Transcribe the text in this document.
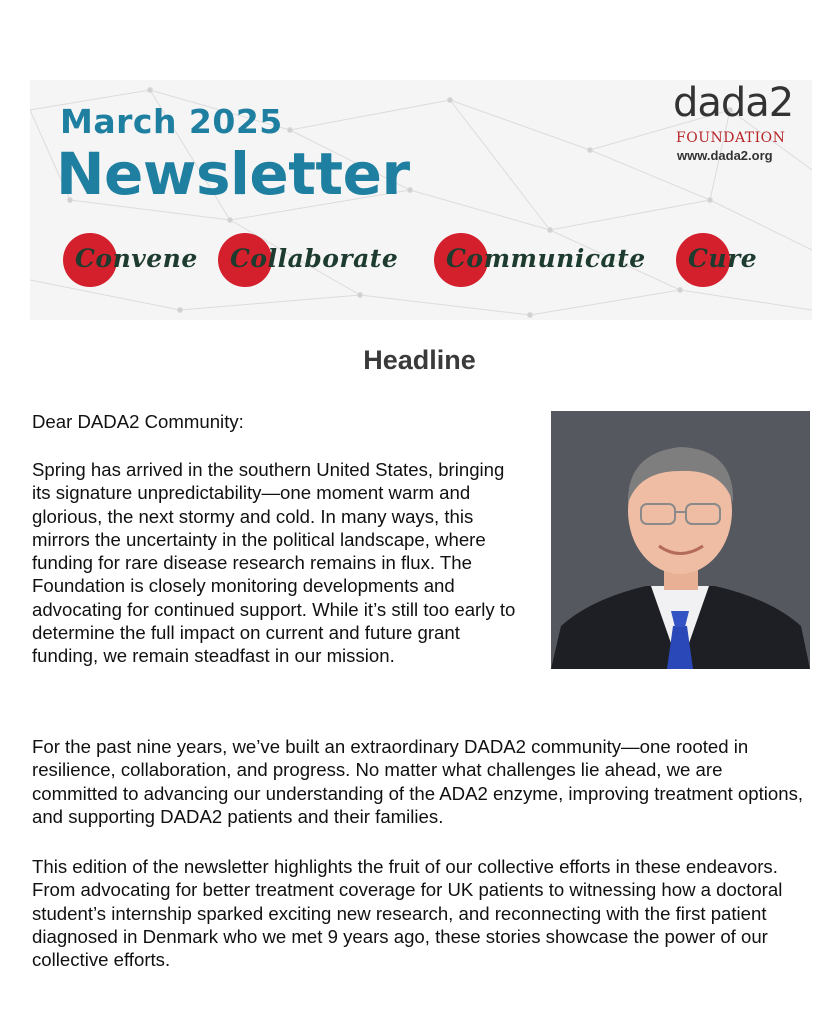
March 2025
Newsletter
dada2
FOUNDATION
www.dada2.org
Convene Collaborate Communicate Cure
Headline

Dear DADA2 Community:

Spring has arrived in the southern United States, bringing its signature unpredictability—one moment warm and glorious, the next stormy and cold. In many ways, this mirrors the uncertainty in the political landscape, where funding for rare disease research remains in flux. The Foundation is closely monitoring developments and advocating for continued support. While it’s still too early to determine the full impact on current and future grant funding, we remain steadfast in our mission.

For the past nine years, we’ve built an extraordinary DADA2 community—one rooted in resilience, collaboration, and progress. No matter what challenges lie ahead, we are committed to advancing our understanding of the ADA2 enzyme, improving treatment options, and supporting DADA2 patients and their families.

This edition of the newsletter highlights the fruit of our collective efforts in these endeavors. From advocating for better treatment coverage for UK patients to witnessing how a doctoral student’s internship sparked exciting new research, and reconnecting with the first patient diagnosed in Denmark who we met 9 years ago, these stories showcase the power of our collective efforts.
